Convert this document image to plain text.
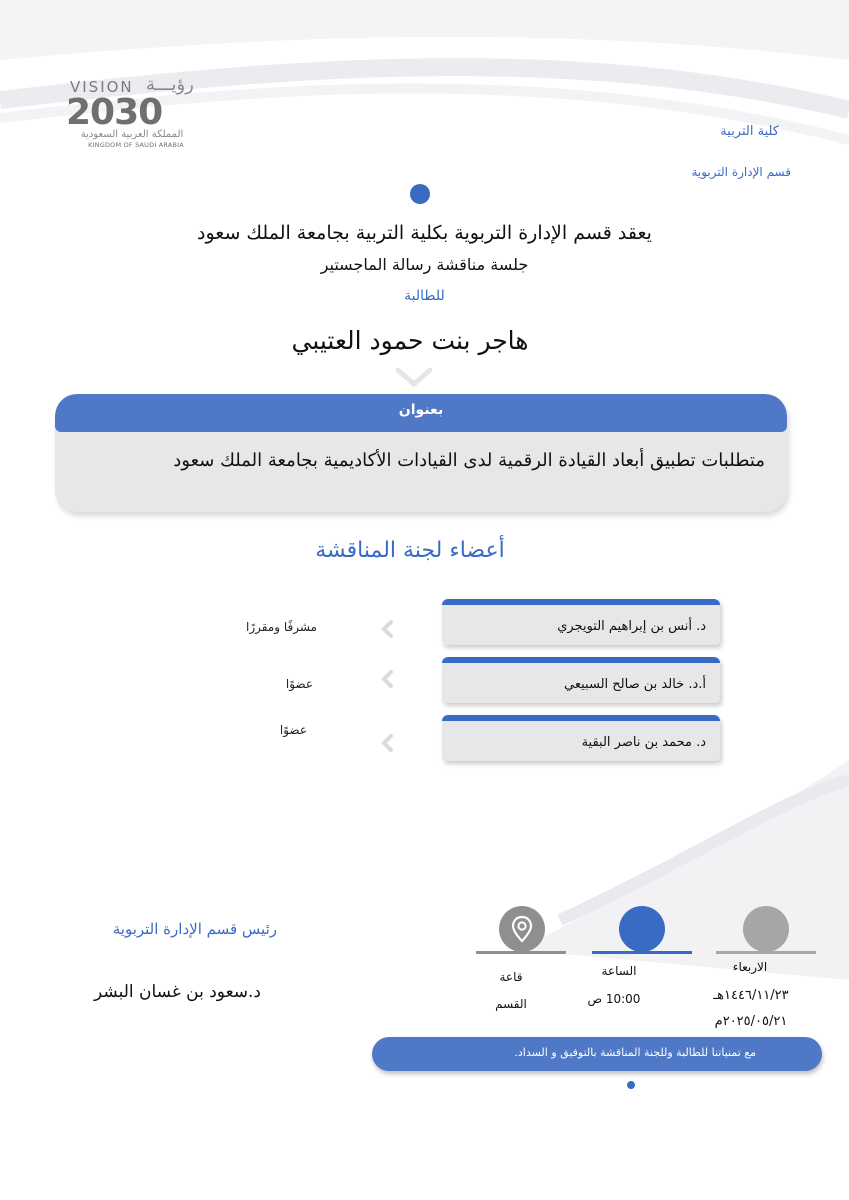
VISION رؤيـــة
2030
المملكة العربية السعودية
KINGDOM OF SAUDI ARABIA
كلية التربية
قسم الإدارة التربوية
يعقد قسم الإدارة التربوية بكلية التربية بجامعة الملك سعود
جلسة مناقشة رسالة الماجستير
للطالبة
هاجر بنت حمود العتيبي
بعنوان
متطلبات تطبيق أبعاد القيادة الرقمية لدى القيادات الأكاديمية بجامعة الملك سعود
أعضاء لجنة المناقشة
د. أنس بن إبراهيم التويجري
مشرفًا ومقررًا
أ.د. خالد بن صالح السبيعي
عضوًا
د. محمد بن ناصر البقية
عضوًا
الاربعاء
١٤٤٦/١١/٢٣هـ
٢٠٢٥/٠٥/٢١م
الساعة
10:00 ص
قاعة
القسم
رئيس قسم الإدارة التربوية
د.سعود بن غسان البشر
مع تمنياتنا للطالبة وللجنة المناقشة بالتوفيق و السداد.
